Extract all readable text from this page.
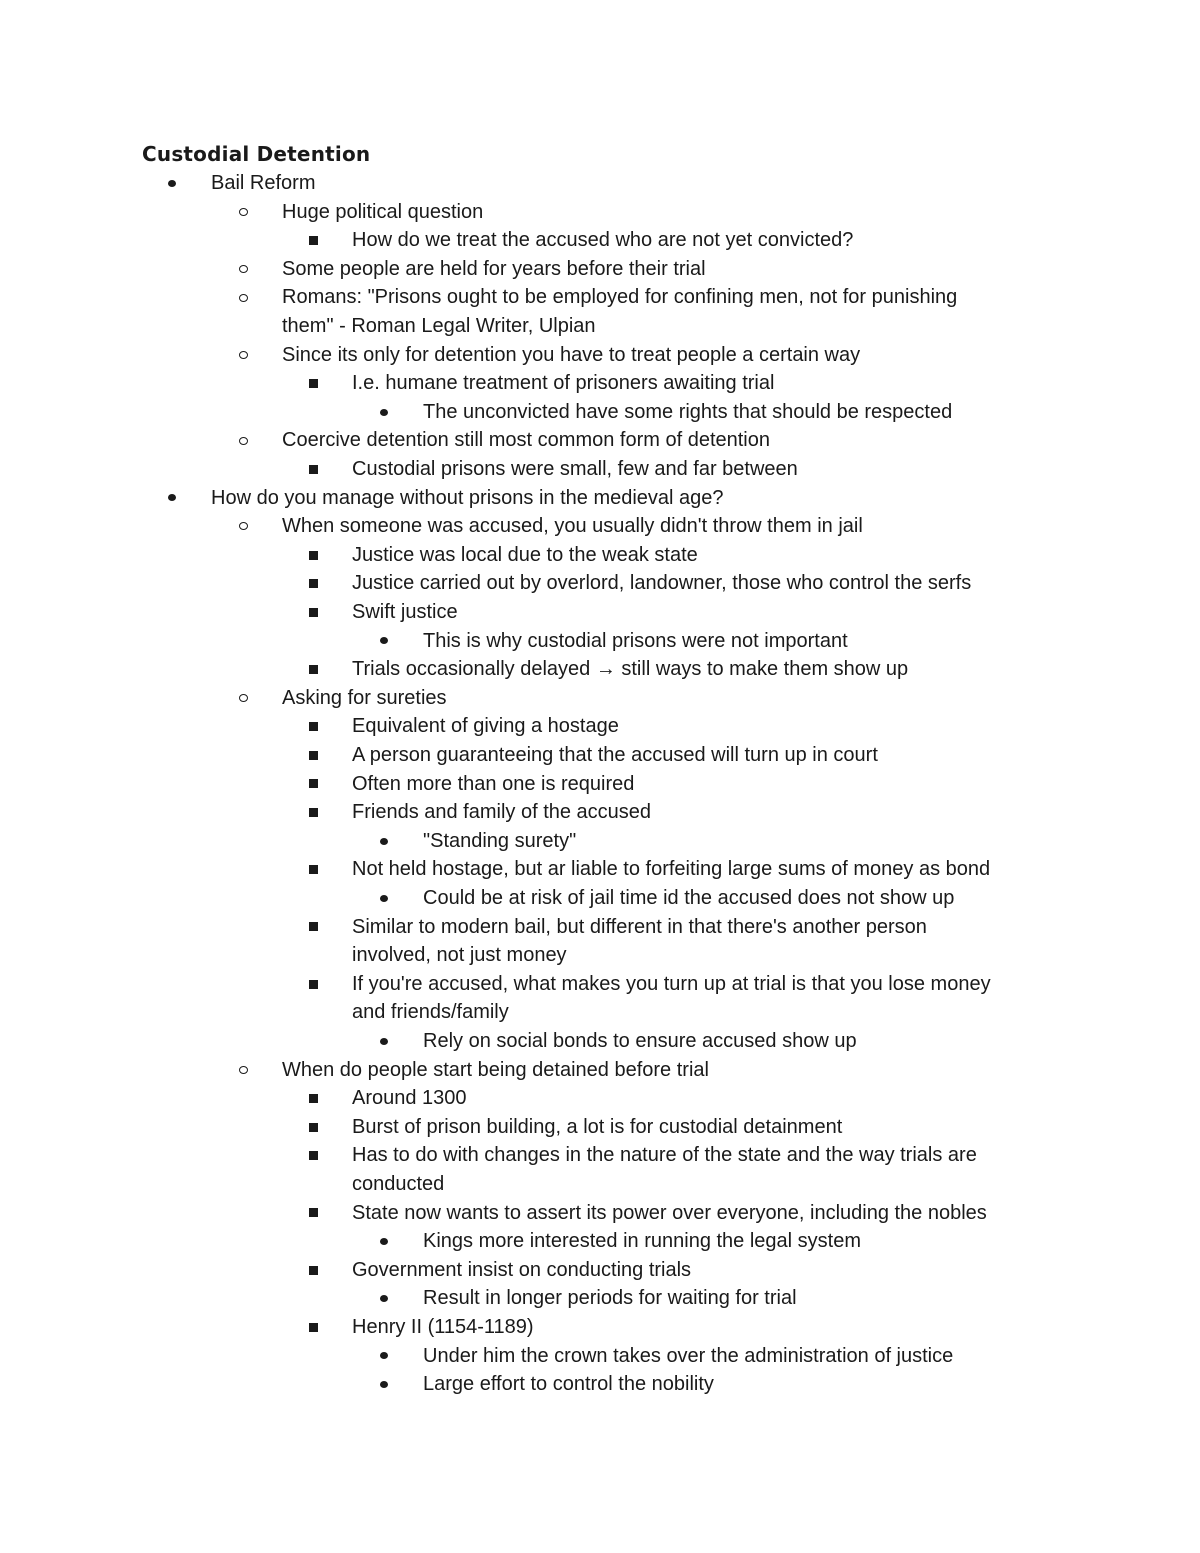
Custodial Detention
Bail Reform
Huge political question
How do we treat the accused who are not yet convicted?
Some people are held for years before their trial
Romans: "Prisons ought to be employed for confining men, not for punishing
them" - Roman Legal Writer, Ulpian
Since its only for detention you have to treat people a certain way
I.e. humane treatment of prisoners awaiting trial
The unconvicted have some rights that should be respected
Coercive detention still most common form of detention
Custodial prisons were small, few and far between
How do you manage without prisons in the medieval age?
When someone was accused, you usually didn't throw them in jail
Justice was local due to the weak state
Justice carried out by overlord, landowner, those who control the serfs
Swift justice
This is why custodial prisons were not important
Trials occasionally delayed → still ways to make them show up
Asking for sureties
Equivalent of giving a hostage
A person guaranteeing that the accused will turn up in court
Often more than one is required
Friends and family of the accused
"Standing surety"
Not held hostage, but ar liable to forfeiting large sums of money as bond
Could be at risk of jail time id the accused does not show up
Similar to modern bail, but different in that there's another person
involved, not just money
If you're accused, what makes you turn up at trial is that you lose money
and friends/family
Rely on social bonds to ensure accused show up
When do people start being detained before trial
Around 1300
Burst of prison building, a lot is for custodial detainment
Has to do with changes in the nature of the state and the way trials are
conducted
State now wants to assert its power over everyone, including the nobles
Kings more interested in running the legal system
Government insist on conducting trials
Result in longer periods for waiting for trial
Henry II (1154-1189)
Under him the crown takes over the administration of justice
Large effort to control the nobility
